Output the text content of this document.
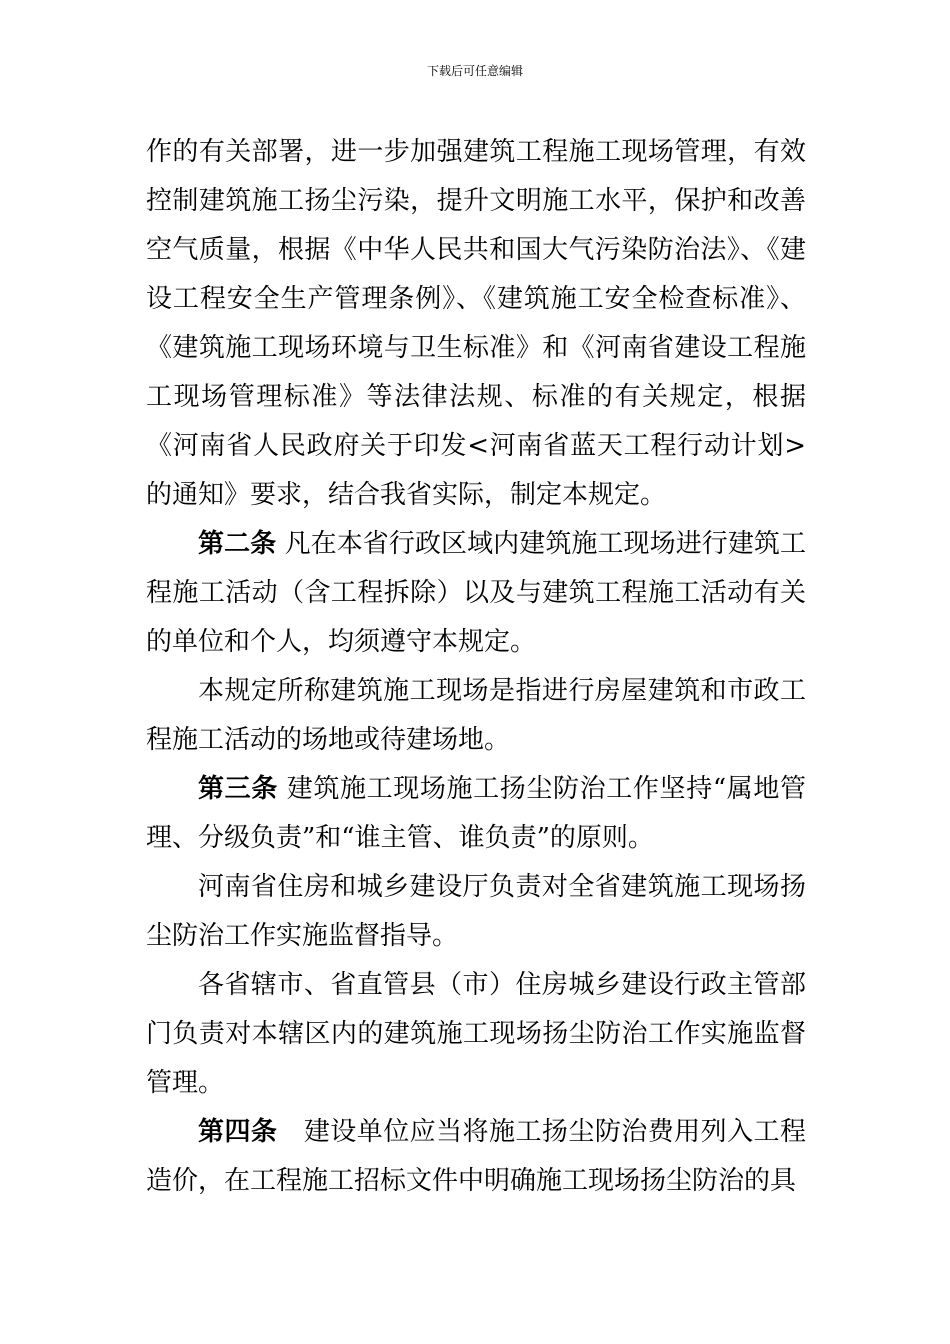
下载后可任意编辑

作的有关部署，进一步加强建筑工程施工现场管理，有效控制建筑施工扬尘污染，提升文明施工水平，保护和改善空气质量，根据《中华人民共和国大气污染防治法》、《建设工程安全生产管理条例》、《建筑施工安全检查标准》、《建筑施工现场环境与卫生标准》和《河南省建设工程施工现场管理标准》等法律法规、标准的有关规定，根据《河南省人民政府关于印发<河南省蓝天工程行动计划>的通知》要求，结合我省实际，制定本规定。

第二条 凡在本省行政区域内建筑施工现场进行建筑工程施工活动（含工程拆除）以及与建筑工程施工活动有关的单位和个人，均须遵守本规定。

本规定所称建筑施工现场是指进行房屋建筑和市政工程施工活动的场地或待建场地。

第三条 建筑施工现场施工扬尘防治工作坚持“属地管理、分级负责”和“谁主管、谁负责”的原则。

河南省住房和城乡建设厅负责对全省建筑施工现场扬尘防治工作实施监督指导。

各省辖市、省直管县（市）住房城乡建设行政主管部门负责对本辖区内的建筑施工现场扬尘防治工作实施监督管理。

第四条　建设单位应当将施工扬尘防治费用列入工程造价，在工程施工招标文件中明确施工现场扬尘防治的具
